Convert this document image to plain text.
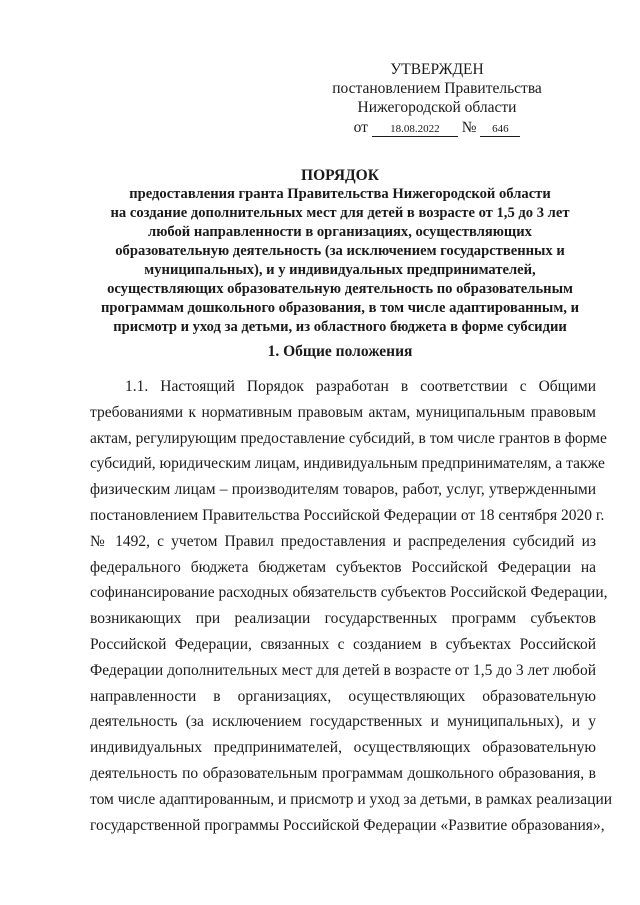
УТВЕРЖДЕН
постановлением Правительства
Нижегородской области
от 18.08.2022 № 646
ПОРЯДОК
предоставления гранта Правительства Нижегородской области
на создание дополнительных мест для детей в возрасте от 1,5 до 3 лет
любой направленности в организациях, осуществляющих
образовательную деятельность (за исключением государственных и
муниципальных), и у индивидуальных предпринимателей,
осуществляющих образовательную деятельность по образовательным
программам дошкольного образования, в том числе адаптированным, и
присмотр и уход за детьми, из областного бюджета в форме субсидии
1. Общие положения
1.1. Настоящий Порядок разработан в соответствии с Общими
требованиями к нормативным правовым актам, муниципальным правовым
актам, регулирующим предоставление субсидий, в том числе грантов в форме
субсидий, юридическим лицам, индивидуальным предпринимателям, а также
физическим лицам – производителям товаров, работ, услуг, утвержденными
постановлением Правительства Российской Федерации от 18 сентября 2020 г.
№ 1492, с учетом Правил предоставления и распределения субсидий из
федерального бюджета бюджетам субъектов Российской Федерации на
софинансирование расходных обязательств субъектов Российской Федерации,
возникающих при реализации государственных программ субъектов
Российской Федерации, связанных с созданием в субъектах Российской
Федерации дополнительных мест для детей в возрасте от 1,5 до 3 лет любой
направленности в организациях, осуществляющих образовательную
деятельность (за исключением государственных и муниципальных), и у
индивидуальных предпринимателей, осуществляющих образовательную
деятельность по образовательным программам дошкольного образования, в
том числе адаптированным, и присмотр и уход за детьми, в рамках реализации
государственной программы Российской Федерации «Развитие образования»,
